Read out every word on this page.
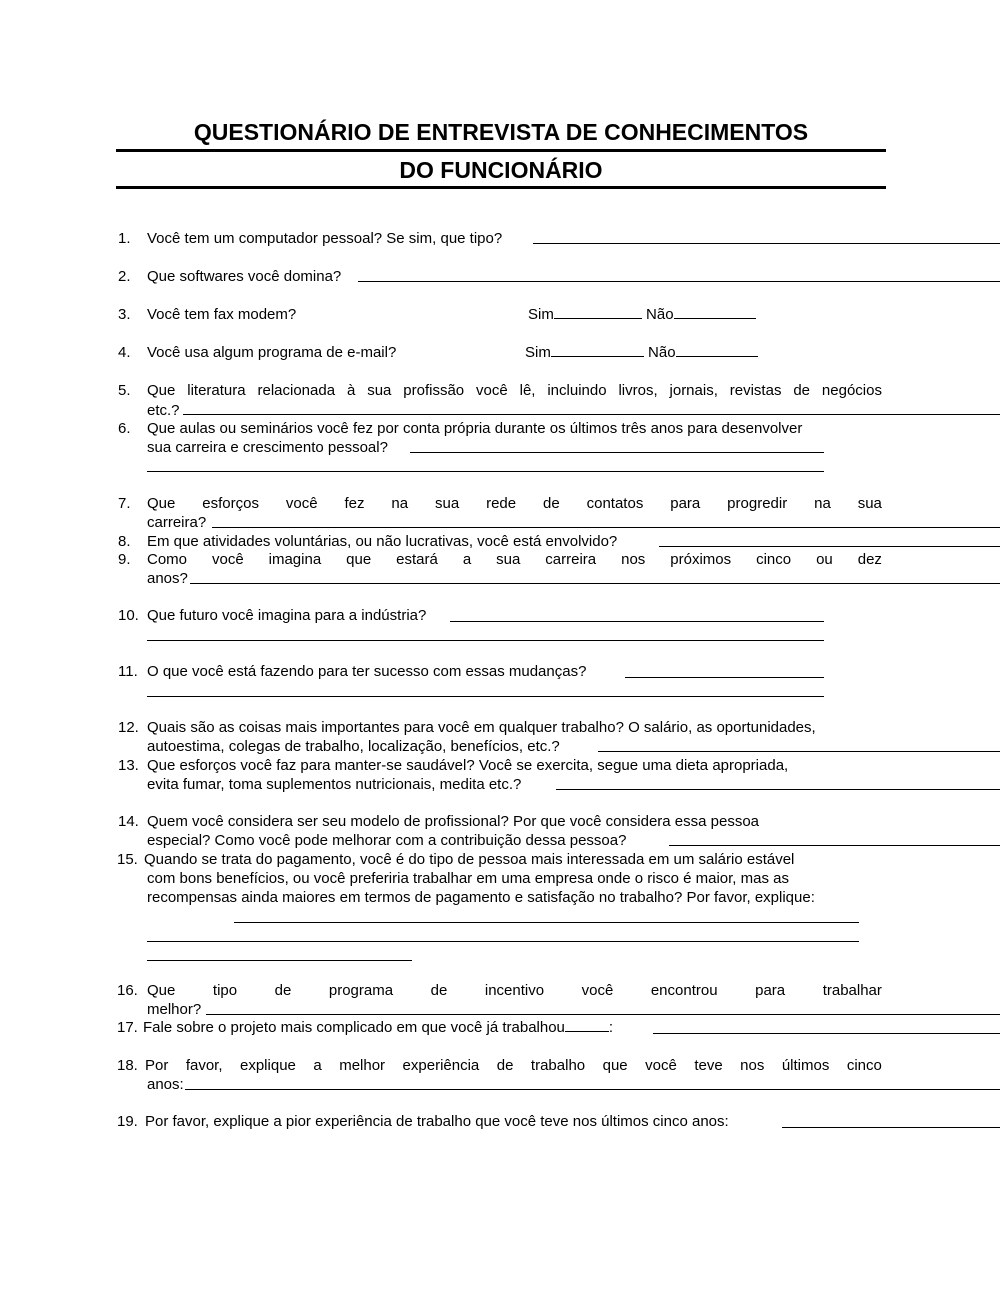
QUESTIONÁRIO DE ENTREVISTA DE CONHECIMENTOS
DO FUNCIONÁRIO
1. Você tem um computador pessoal? Se sim, que tipo?
2. Que softwares você domina?
3. Você tem fax modem?	Sim	Não
4. Você usa algum programa de e-mail?	Sim	Não
5. Que literatura relacionada à sua profissão você lê, incluindo livros, jornais, revistas de negócios
etc.?
6. Que aulas ou seminários você fez por conta própria durante os últimos três anos para desenvolver
sua carreira e crescimento pessoal?
7. Que esforços você fez na sua rede de contatos para progredir na sua
carreira?
8. Em que atividades voluntárias, ou não lucrativas, você está envolvido?
9. Como você imagina que estará a sua carreira nos próximos cinco ou dez
anos?
10. Que futuro você imagina para a indústria?
11. O que você está fazendo para ter sucesso com essas mudanças?
12. Quais são as coisas mais importantes para você em qualquer trabalho? O salário, as oportunidades,
autoestima, colegas de trabalho, localização, benefícios, etc.?
13. Que esforços você faz para manter-se saudável? Você se exercita, segue uma dieta apropriada,
evita fumar, toma suplementos nutricionais, medita etc.?
14. Quem você considera ser seu modelo de profissional? Por que você considera essa pessoa
especial? Como você pode melhorar com a contribuição dessa pessoa?
15. Quando se trata do pagamento, você é do tipo de pessoa mais interessada em um salário estável
com bons benefícios, ou você preferiria trabalhar em uma empresa onde o risco é maior, mas as
recompensas ainda maiores em termos de pagamento e satisfação no trabalho? Por favor, explique:
16. Que	tipo	de	programa	de	incentivo	você	encontrou	para	trabalhar
melhor?
17. Fale sobre o projeto mais complicado em que você já trabalhou	:
18. Por favor, explique a melhor experiência de trabalho que você teve nos últimos cinco
anos:
19. Por favor, explique a pior experiência de trabalho que você teve nos últimos cinco anos:
